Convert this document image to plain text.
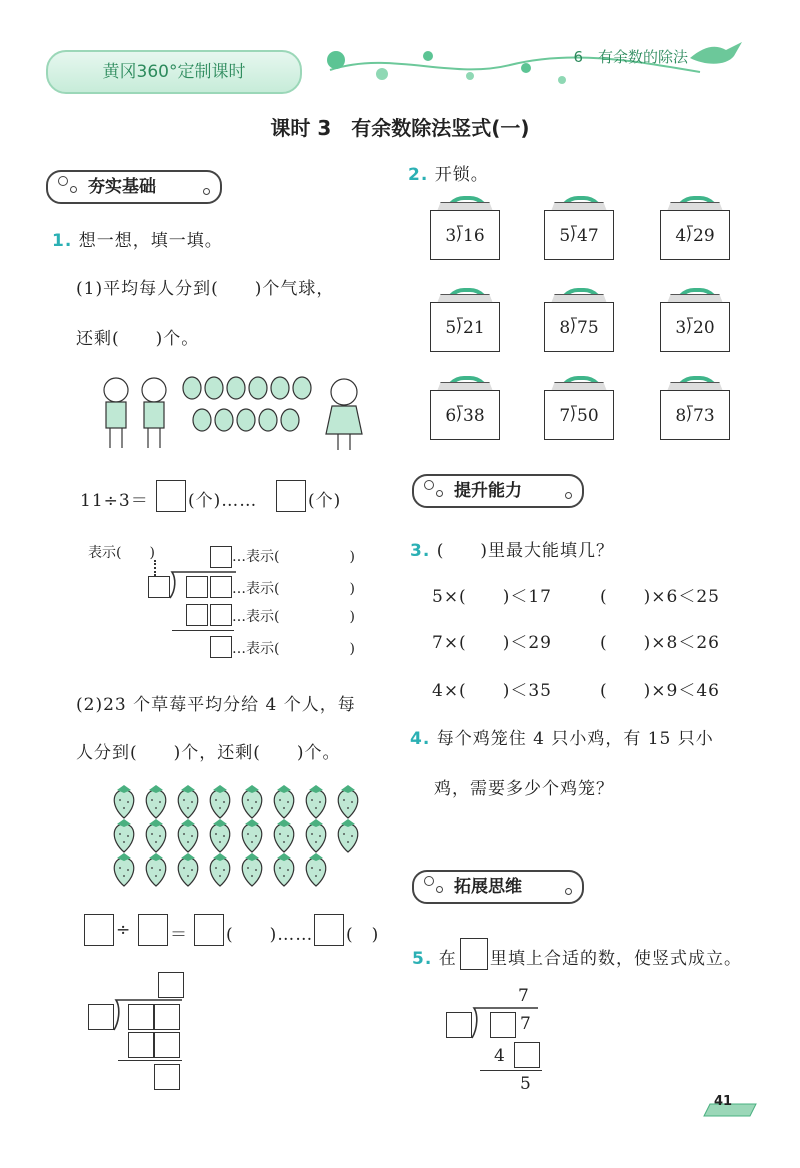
黄冈360°定制课时
6　有余数的除法
课时 3　有余数除法竖式(一)
夯实基础
1. 想一想，填一填。
(1)平均每人分到(　　)个气球，
还剩(　　)个。
11÷3＝ (个)……	(个)
表示(　　)	…表示(　　　　　)
…表示(　　　　　)
…表示(　　　　　)
…表示(　　　　　)
(2)23 个草莓平均分给 4 个人，每
人分到(　　)个，还剩(　　)个。
÷ ＝ (　　)…… (　)
2. 开锁。
3⟌16	5⟌47	4⟌29
5⟌21	8⟌75	3⟌20
6⟌38	7⟌50	8⟌73
提升能力
3. (　　)里最大能填几？
5×(　　)＜17	(　　)×6＜25
7×(　　)＜29	(　　)×8＜26
4×(　　)＜35	(　　)×9＜46
4. 每个鸡笼住 4 只小鸡，有 15 只小
鸡，需要多少个鸡笼？
拓展思维
5. 在 里填上合适的数，使竖式成立。
7
7
4
5
41
